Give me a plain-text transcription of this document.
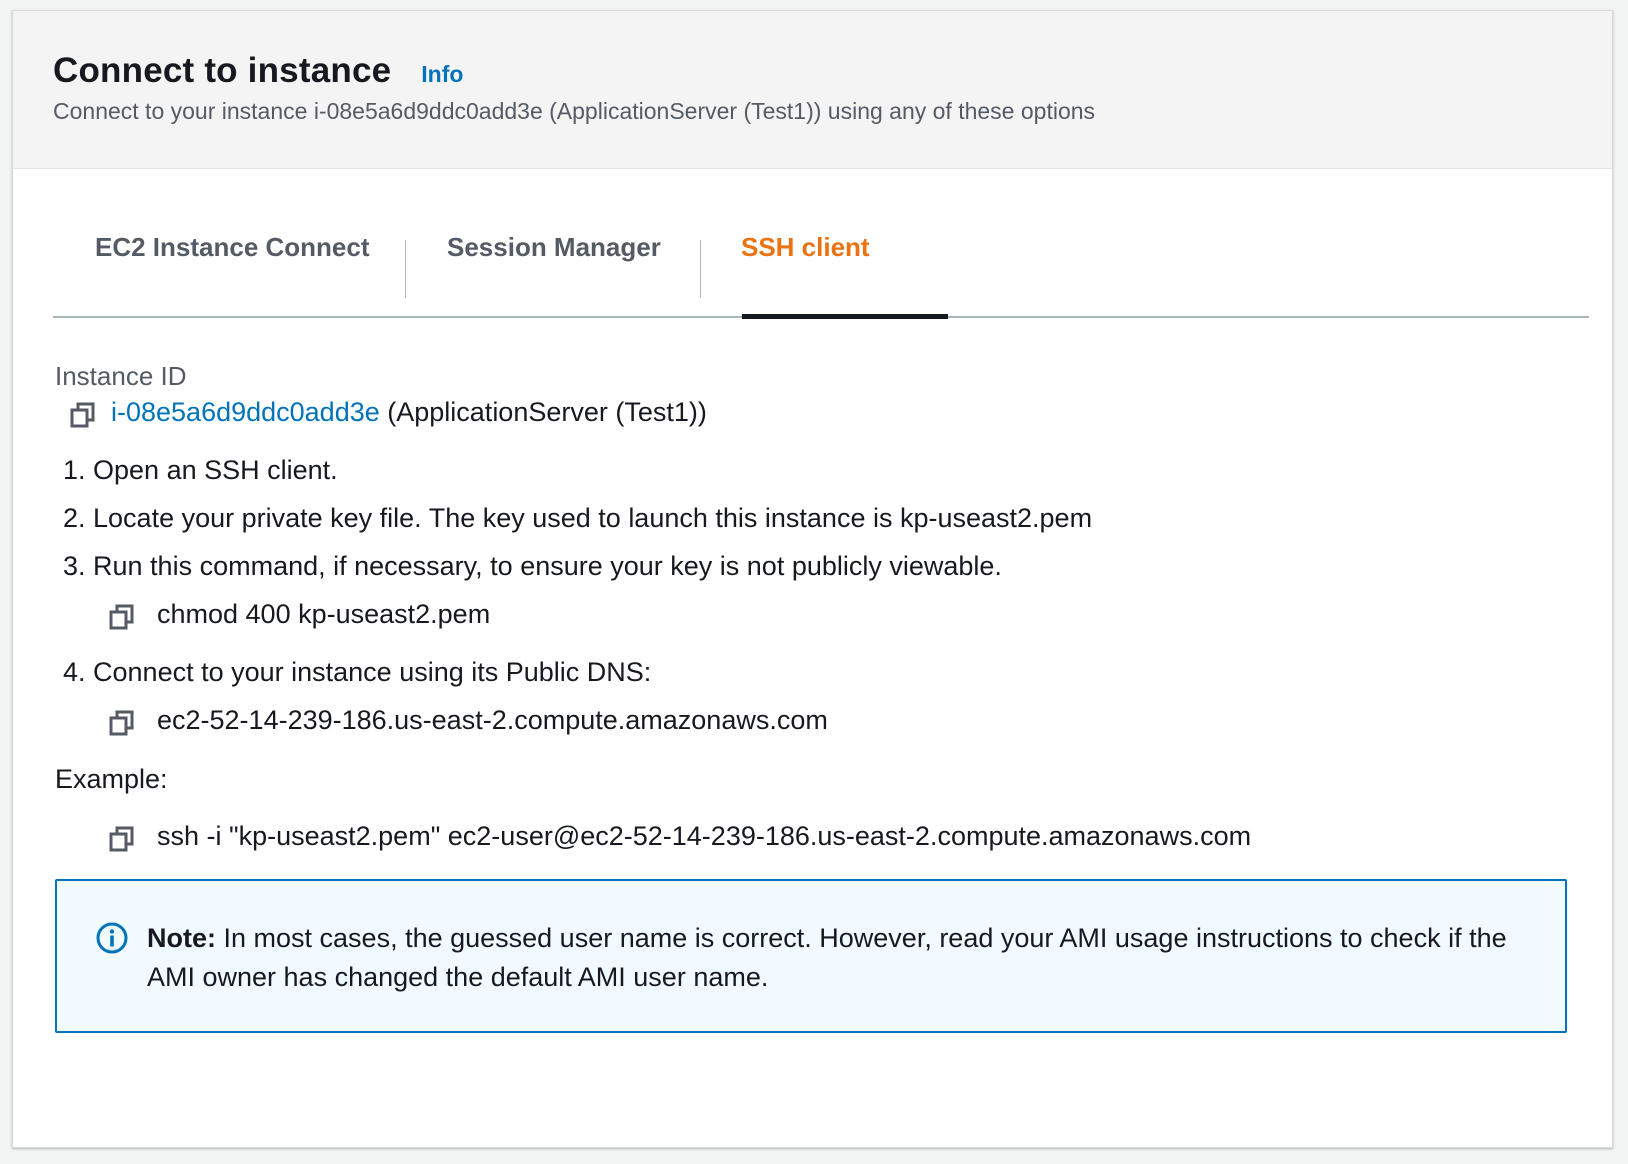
Connect to instance Info
Connect to your instance i-08e5a6d9ddc0add3e (ApplicationServer (Test1)) using any of these options
EC2 Instance Connect	Session Manager	SSH client
Instance ID
i-08e5a6d9ddc0add3e (ApplicationServer (Test1))
1. Open an SSH client.
2. Locate your private key file. The key used to launch this instance is kp-useast2.pem
3. Run this command, if necessary, to ensure your key is not publicly viewable.
chmod 400 kp-useast2.pem
4. Connect to your instance using its Public DNS:
ec2-52-14-239-186.us-east-2.compute.amazonaws.com
Example:
ssh -i "kp-useast2.pem" ec2-user@ec2-52-14-239-186.us-east-2.compute.amazonaws.com
Note: In most cases, the guessed user name is correct. However, read your AMI usage instructions to check if the AMI owner has changed the default AMI user name.
